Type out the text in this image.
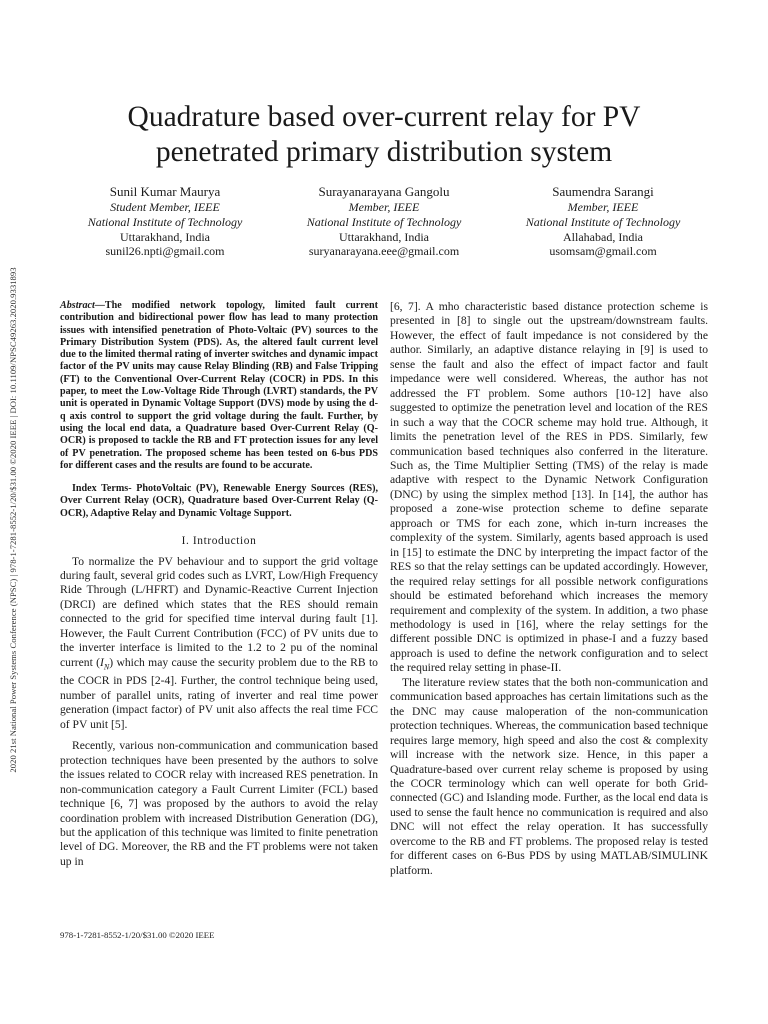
2020 21st National Power Systems Conference (NPSC) | 978-1-7281-8552-1/20/$31.00 ©2020 IEEE | DOI: 10.1109/NPSC49263.2020.9331893
Quadrature based over-current relay for PV
penetrated primary distribution system
Sunil Kumar Maurya
Student Member, IEEE
National Institute of Technology
Uttarakhand, India
sunil26.npti@gmail.com
Surayanarayana Gangolu
Member, IEEE
National Institute of Technology
Uttarakhand, India
suryanarayana.eee@gmail.com
Saumendra Sarangi
Member, IEEE
National Institute of Technology
Allahabad, India
usomsam@gmail.com

Abstract—The modified network topology, limited fault current contribution and bidirectional power flow has lead to many protection issues with intensified penetration of Photo-Voltaic (PV) sources to the Primary Distribution System (PDS). As, the altered fault current level due to the limited thermal rating of inverter switches and dynamic impact factor of the PV units may cause Relay Blinding (RB) and False Tripping (FT) to the Conventional Over-Current Relay (COCR) in PDS. In this paper, to meet the Low-Voltage Ride Through (LVRT) standards, the PV unit is operated in Dynamic Voltage Support (DVS) mode by using the d-q axis control to support the grid voltage during the fault. Further, by using the local end data, a Quadrature based Over-Current Relay (Q-OCR) is proposed to tackle the RB and FT protection issues for any level of PV penetration. The proposed scheme has been tested on 6-bus PDS for different cases and the results are found to be accurate.

Index Terms- PhotoVoltaic (PV), Renewable Energy Sources (RES), Over Current Relay (OCR), Quadrature based Over-Current Relay (Q-OCR), Adaptive Relay and Dynamic Voltage Support.

I. Introduction

To normalize the PV behaviour and to support the grid voltage during fault, several grid codes such as LVRT, Low/High Frequency Ride Through (L/HFRT) and Dynamic-Reactive Current Injection (DRCI) are defined which states that the RES should remain connected to the grid for specified time interval during fault [1]. However, the Fault Current Contribution (FCC) of PV units due to the inverter interface is limited to the 1.2 to 2 pu of the nominal current $(I_N)$ which may cause the security problem due to the RB to the COCR in PDS [2-4]. Further, the control technique being used, number of parallel units, rating of inverter and real time power generation (impact factor) of PV unit also affects the real time FCC of PV unit [5].

Recently, various non-communication and communication based protection techniques have been presented by the authors to solve the issues related to COCR relay with increased RES penetration. In non-communication category a Fault Current Limiter (FCL) based technique [6, 7] was proposed by the authors to avoid the relay coordination problem with increased Distribution Generation (DG), but the application of this technique was limited to finite penetration level of DG. Moreover, the RB and the FT problems were not taken up in

[6, 7]. A mho characteristic based distance protection scheme is presented in [8] to single out the upstream/downstream faults. However, the effect of fault impedance is not considered by the author. Similarly, an adaptive distance relaying in [9] is used to sense the fault and also the effect of impact factor and fault impedance were well considered. Whereas, the author has not addressed the FT problem. Some authors [10-12] have also suggested to optimize the penetration level and location of the RES in such a way that the COCR scheme may hold true. Although, it limits the penetration level of the RES in PDS. Similarly, few communication based techniques also conferred in the literature. Such as, the Time Multiplier Setting (TMS) of the relay is made adaptive with respect to the Dynamic Network Configuration (DNC) by using the simplex method [13]. In [14], the author has proposed a zone-wise protection scheme to define separate approach or TMS for each zone, which in-turn increases the complexity of the system. Similarly, agents based approach is used in [15] to estimate the DNC by interpreting the impact factor of the RES so that the relay settings can be updated accordingly. However, the required relay settings for all possible network configurations should be estimated beforehand which increases the memory requirement and complexity of the system. In addition, a two phase methodology is used in [16], where the relay settings for the different possible DNC is optimized in phase-I and a fuzzy based approach is used to define the network configuration and to select the required relay setting in phase-II.

The literature review states that the both non-communication and communication based approaches has certain limitations such as the the DNC may cause maloperation of the non-communication protection techniques. Whereas, the communication based technique requires large memory, high speed and also the cost & complexity will increase with the network size. Hence, in this paper a Quadrature-based over current relay scheme is proposed by using the COCR terminology which can well operate for both Grid-connected (GC) and Islanding mode. Further, as the local end data is used to sense the fault hence no communication is required and also DNC will not effect the relay operation. It has successfully overcome to the RB and FT problems. The proposed relay is tested for different cases on 6-Bus PDS by using MATLAB/SIMULINK platform.

978-1-7281-8552-1/20/$31.00 ©2020 IEEE
